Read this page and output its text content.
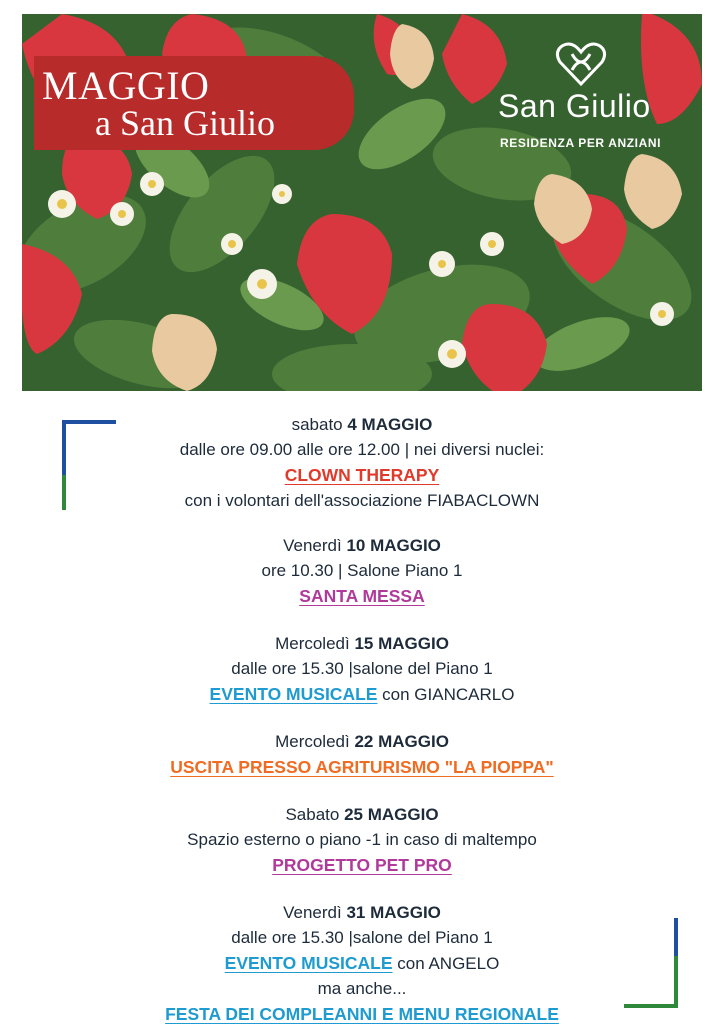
MAGGIO
a San Giulio	San Giulio
RESIDENZA PER ANZIANI
sabato 4 MAGGIO
dalle ore 09.00 alle ore 12.00 | nei diversi nuclei:
CLOWN THERAPY
con i volontari dell'associazione FIABACLOWN
Venerdì 10 MAGGIO
ore 10.30 | Salone Piano 1
SANTA MESSA
Mercoledì 15 MAGGIO
dalle ore 15.30 |salone del Piano 1
EVENTO MUSICALE con GIANCARLO
Mercoledì 22 MAGGIO
USCITA PRESSO AGRITURISMO "LA PIOPPA"
Sabato 25 MAGGIO
Spazio esterno o piano -1 in caso di maltempo
PROGETTO PET PRO
Venerdì 31 MAGGIO
dalle ore 15.30 |salone del Piano 1
EVENTO MUSICALE con ANGELO
ma anche...
FESTA DEI COMPLEANNI E MENU REGIONALE
